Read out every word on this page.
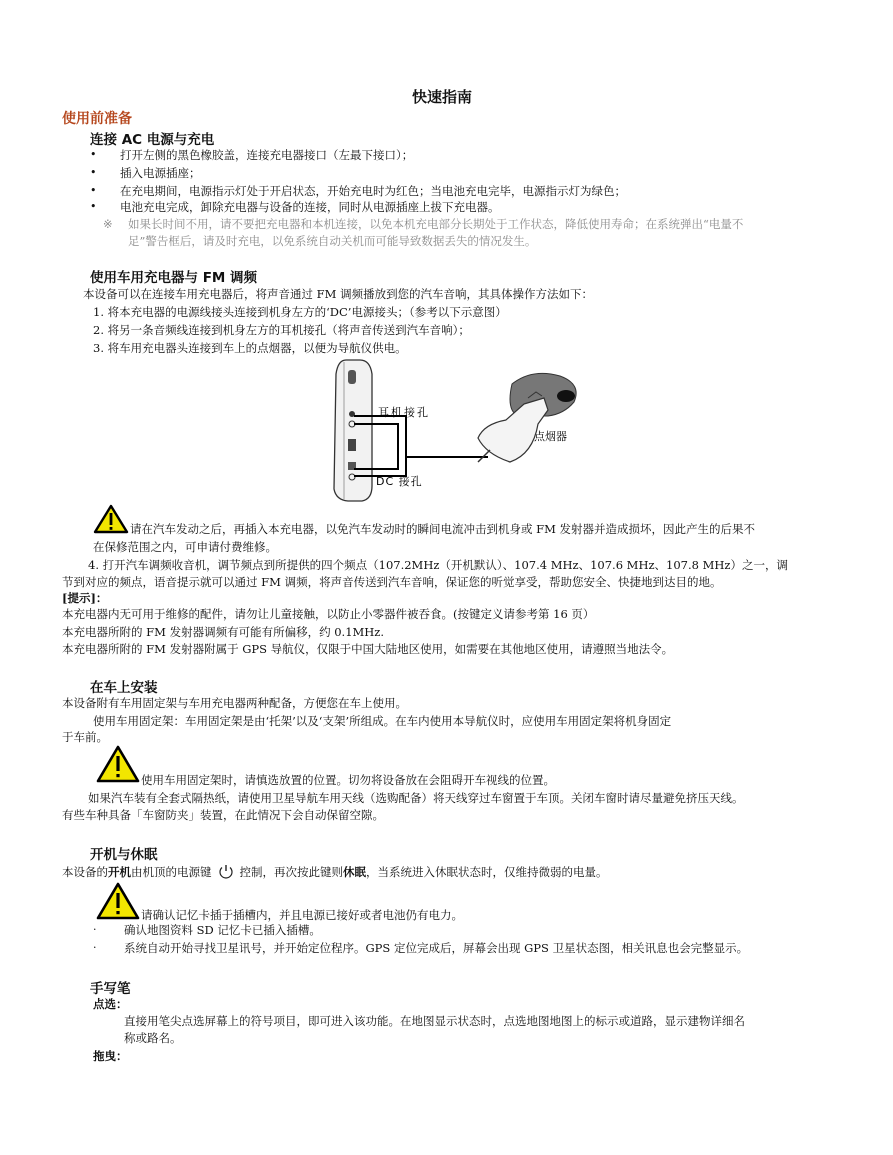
快速指南
使用前准备
连接 AC 电源与充电
• 打开左侧的黑色橡胶盖，连接充电器接口（左最下接口）；
• 插入电源插座；
• 在充电期间，电源指示灯处于开启状态，开始充电时为红色；当电池充电完毕，电源指示灯为绿色；
• 电池充电完成，卸除充电器与设备的连接，同时从电源插座上拔下充电器。
※ 如果长时间不用，请不要把充电器和本机连接，以免本机充电部分长期处于工作状态，降低使用寿命；在系统弹出“电量不
足”警告框后，请及时充电，以免系统自动关机而可能导致数据丢失的情况发生。
使用车用充电器与 FM 调频
本设备可以在连接车用充电器后，将声音通过 FM 调频播放到您的汽车音响，其具体操作方法如下：
1. 将本充电器的电源线接头连接到机身左方的‘DC’电源接头；（参考以下示意图）
2. 将另一条音频线连接到机身左方的耳机接孔（将声音传送到汽车音响）；
3. 将车用充电器头连接到车上的点烟器，以便为导航仪供电。
耳机接孔
DC 接孔
点烟器
请在汽车发动之后，再插入本充电器，以免汽车发动时的瞬间电流冲击到机身或 FM 发射器并造成损坏，因此产生的后果不
在保修范围之内，可申请付费维修。
4. 打开汽车调频收音机，调节频点到所提供的四个频点（107.2MHz（开机默认）、107.4 MHz、107.6 MHz、107.8 MHz）之一，调
节到对应的频点，语音提示就可以通过 FM 调频，将声音传送到汽车音响，保证您的听觉享受，帮助您安全、快捷地到达目的地。
[提示]：
本充电器内无可用于维修的配件，请勿让儿童接触，以防止小零器件被吞食。(按键定义请参考第 16 页）
本充电器所附的 FM 发射器调频有可能有所偏移，约 0.1MHz.
本充电器所附的 FM 发射器附属于 GPS 导航仪，仅限于中国大陆地区使用，如需要在其他地区使用，请遵照当地法令。
在车上安装
本设备附有车用固定架与车用充电器两种配备，方便您在车上使用。
使用车用固定架：车用固定架是由‘托架’以及‘支架’所组成。在车内使用本导航仪时，应使用车用固定架将机身固定
于车前。
使用车用固定架时，请慎选放置的位置。切勿将设备放在会阻碍开车视线的位置。
如果汽车装有全套式隔热纸，请使用卫星导航车用天线（选购配备）将天线穿过车窗置于车顶。关闭车窗时请尽量避免挤压天线。
有些车种具备「车窗防夹」装置，在此情况下会自动保留空隙。
开机与休眠
本设备的开机由机顶的电源键 控制，再次按此键则休眠，当系统进入休眠状态时，仅维持微弱的电量。
请确认记忆卡插于插槽内，并且电源已接好或者电池仍有电力。
· 确认地图资料 SD 记忆卡已插入插槽。
· 系统自动开始寻找卫星讯号，并开始定位程序。GPS 定位完成后，屏幕会出现 GPS 卫星状态图，相关讯息也会完整显示。
手写笔
点选：
直接用笔尖点选屏幕上的符号项目，即可进入该功能。在地图显示状态时，点选地图地图上的标示或道路，显示建物详细名
称或路名。
拖曳：
